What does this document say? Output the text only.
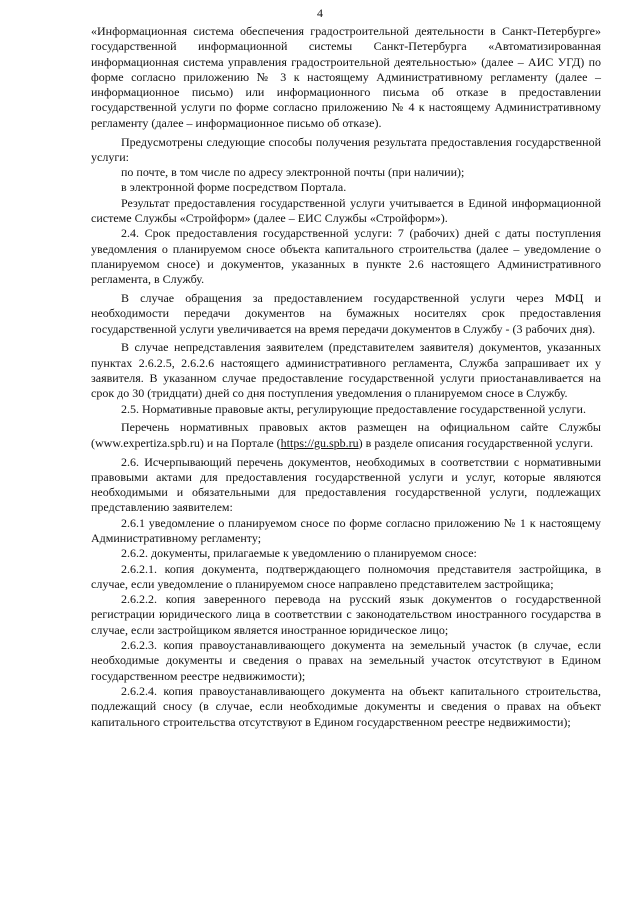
4

«Информационная система обеспечения градостроительной деятельности в Санкт-Петербурге» государственной информационной системы Санкт-Петербурга «Автоматизированная информационная система управления градостроительной деятельностью» (далее – АИС УГД) по форме согласно приложению № 3 к настоящему Административному регламенту (далее – информационное письмо) или информационного письма об отказе в предоставлении государственной услуги по форме согласно приложению № 4 к настоящему Административному регламенту (далее – информационное письмо об отказе).

Предусмотрены следующие способы получения результата предоставления государственной услуги:

по почте, в том числе по адресу электронной почты (при наличии);

в электронной форме посредством Портала.

Результат предоставления государственной услуги учитывается в Единой информационной системе Службы «Стройформ» (далее – ЕИС Службы «Стройформ»).

2.4. Срок предоставления государственной услуги: 7 (рабочих) дней с даты поступления уведомления о планируемом сносе объекта капитального строительства (далее – уведомление о планируемом сносе) и документов, указанных в пункте 2.6 настоящего Административного регламента, в Службу.

В случае обращения за предоставлением государственной услуги через МФЦ и необходимости передачи документов на бумажных носителях срок предоставления государственной услуги увеличивается на время передачи документов в Службу - (3 рабочих дня).

В случае непредставления заявителем (представителем заявителя) документов, указанных пунктах 2.6.2.5, 2.6.2.6 настоящего административного регламента, Служба запрашивает их у заявителя. В указанном случае предоставление государственной услуги приостанавливается на срок до 30 (тридцати) дней со дня поступления уведомления о планируемом сносе в Службу.

2.5. Нормативные правовые акты, регулирующие предоставление государственной услуги.

Перечень нормативных правовых актов размещен на официальном сайте Службы (www.expertiza.spb.ru) и на Портале (https://gu.spb.ru) в разделе описания государственной услуги.

2.6. Исчерпывающий перечень документов, необходимых в соответствии с нормативными правовыми актами для предоставления государственной услуги и услуг, которые являются необходимыми и обязательными для предоставления государственной услуги, подлежащих представлению заявителем:

2.6.1 уведомление о планируемом сносе по форме согласно приложению № 1 к настоящему Административному регламенту;

2.6.2. документы, прилагаемые к уведомлению о планируемом сносе:

2.6.2.1. копия документа, подтверждающего полномочия представителя застройщика, в случае, если уведомление о планируемом сносе направлено представителем застройщика;

2.6.2.2. копия заверенного перевода на русский язык документов о государственной регистрации юридического лица в соответствии с законодательством иностранного государства в случае, если застройщиком является иностранное юридическое лицо;

2.6.2.3. копия правоустанавливающего документа на земельный участок (в случае, если необходимые документы и сведения о правах на земельный участок отсутствуют в Едином государственном реестре недвижимости);

2.6.2.4. копия правоустанавливающего документа на объект капитального строительства, подлежащий сносу (в случае, если необходимые документы и сведения о правах на объект капитального строительства отсутствуют в Едином государственном реестре недвижимости);
